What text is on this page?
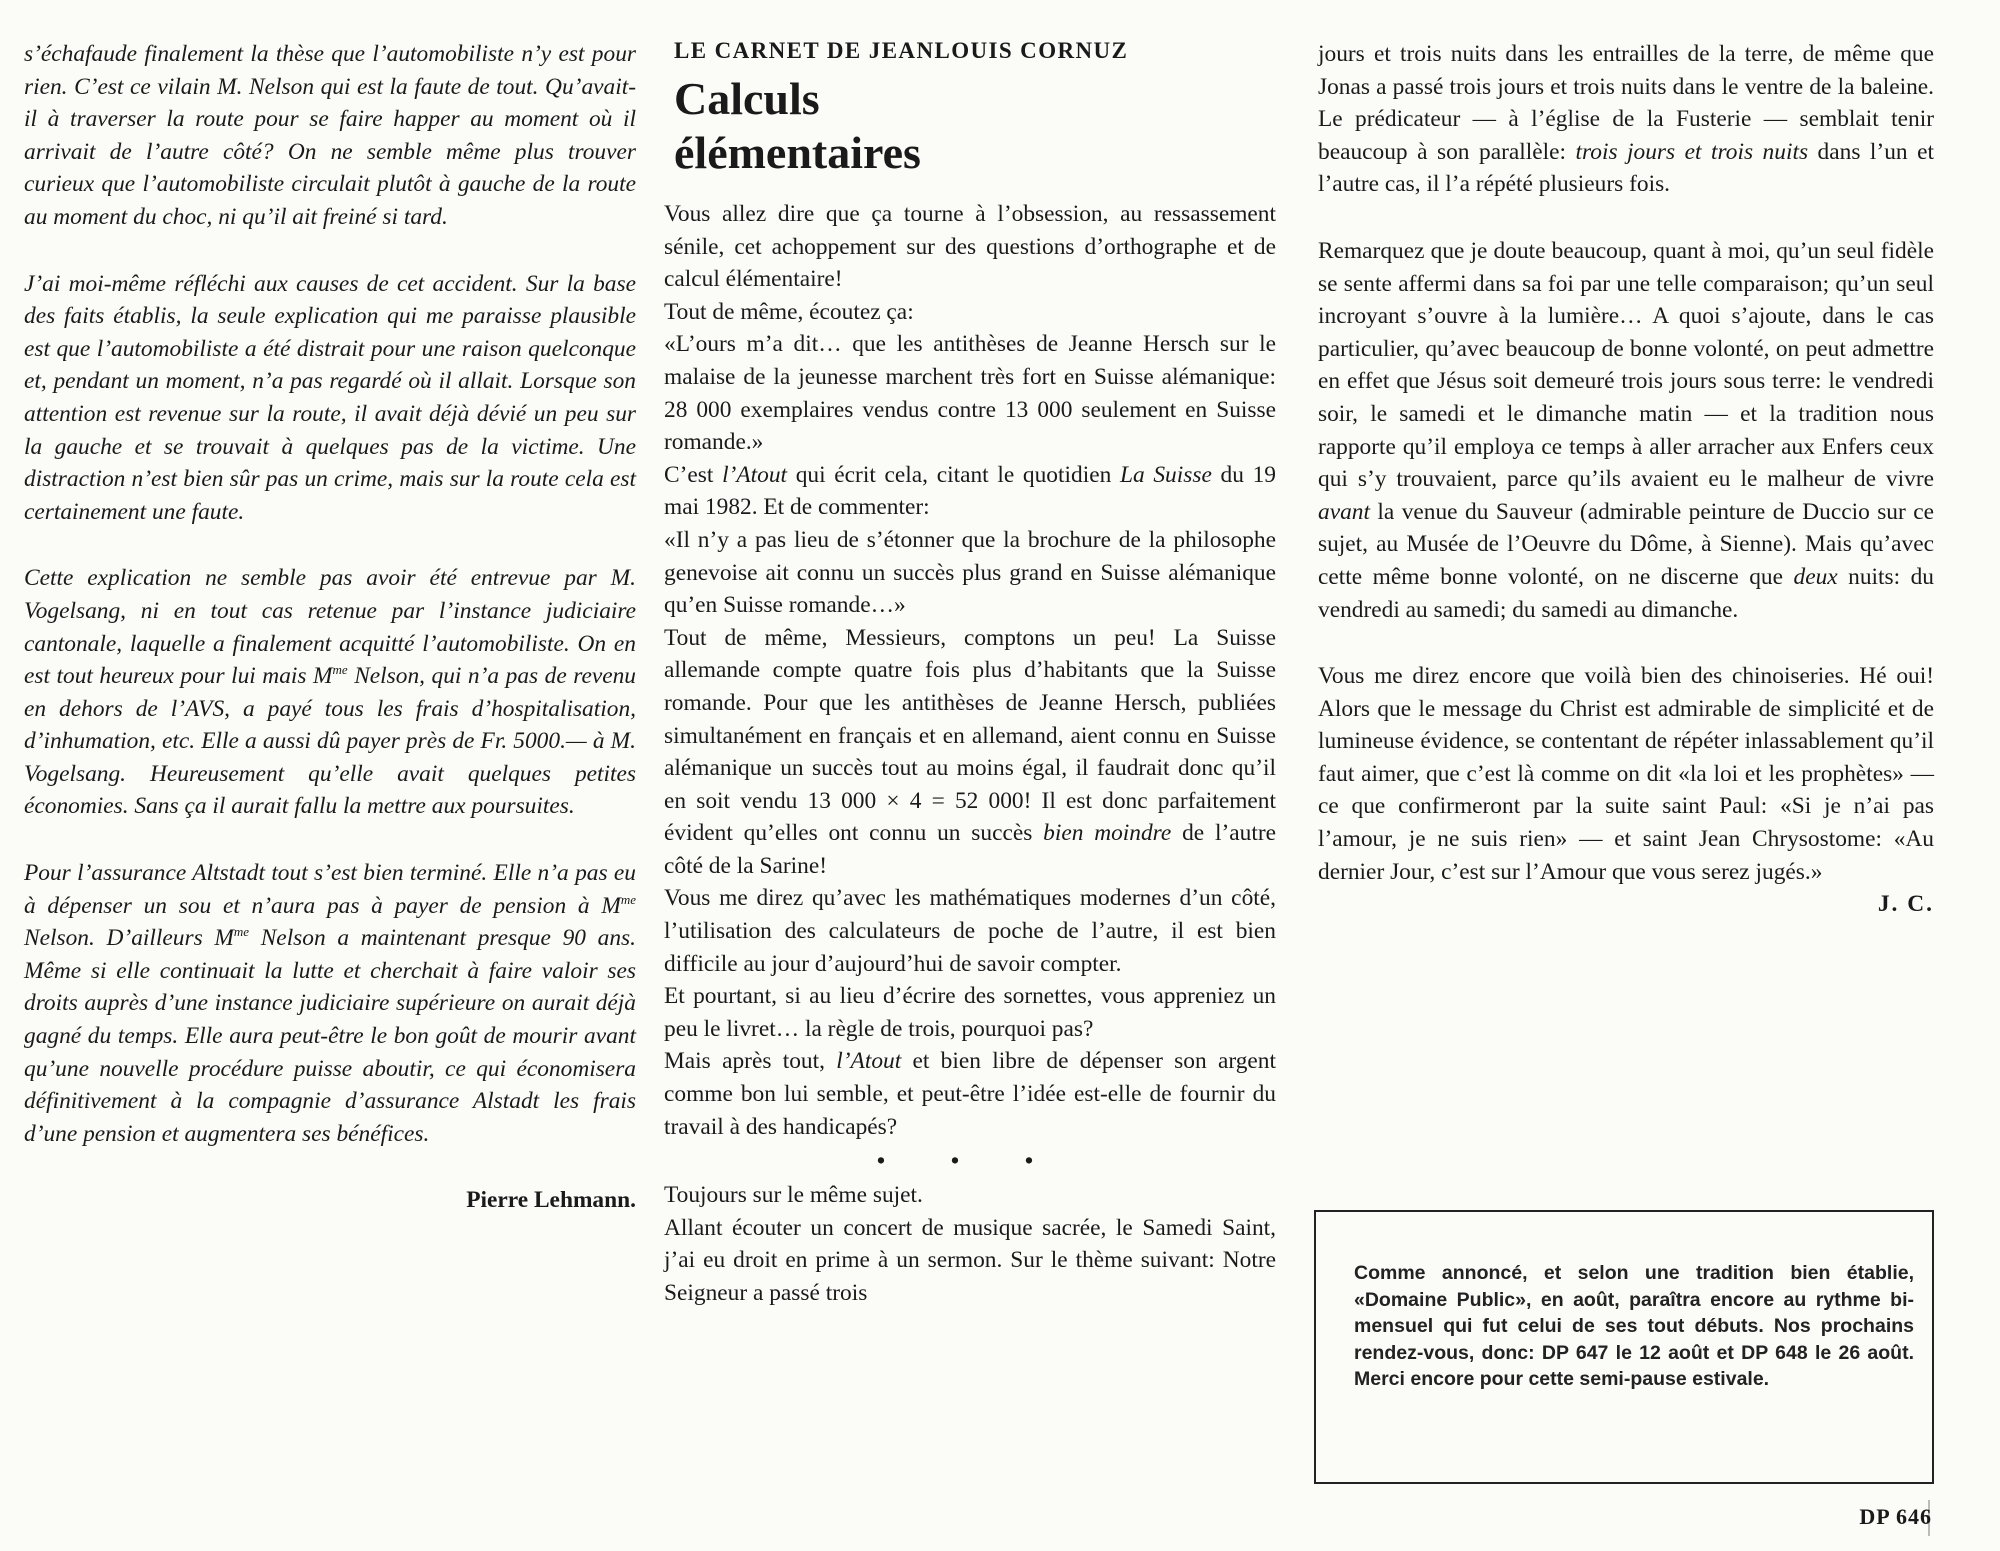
s’échafaude finalement la thèse que l’automobiliste n’y est pour rien. C’est ce vilain M. Nelson qui est la faute de tout. Qu’avait-il à traverser la route pour se faire happer au moment où il arrivait de l’autre côté? On ne semble même plus trouver curieux que l’automobiliste circulait plutôt à gauche de la route au moment du choc, ni qu’il ait freiné si tard.

J’ai moi-même réfléchi aux causes de cet accident. Sur la base des faits établis, la seule explication qui me paraisse plausible est que l’automobiliste a été distrait pour une raison quelconque et, pendant un moment, n’a pas regardé où il allait. Lorsque son attention est revenue sur la route, il avait déjà dévié un peu sur la gauche et se trouvait à quelques pas de la victime. Une distraction n’est bien sûr pas un crime, mais sur la route cela est certainement une faute.

Cette explication ne semble pas avoir été entrevue par M. Vogelsang, ni en tout cas retenue par l’instance judiciaire cantonale, laquelle a finalement acquitté l’automobiliste. On en est tout heureux pour lui mais $M^{me}$ Nelson, qui n’a pas de revenu en dehors de l’AVS, a payé tous les frais d’hospitalisation, d’inhumation, etc. Elle a aussi dû payer près de Fr. 5000.— à M. Vogelsang. Heureusement qu’elle avait quelques petites économies. Sans ça il aurait fallu la mettre aux poursuites.

Pour l’assurance Altstadt tout s’est bien terminé. Elle n’a pas eu à dépenser un sou et n’aura pas à payer de pension à $M^{me}$ Nelson. D’ailleurs $M^{me}$ Nelson a maintenant presque 90 ans. Même si elle continuait la lutte et cherchait à faire valoir ses droits auprès d’une instance judiciaire supérieure on aurait déjà gagné du temps. Elle aura peut-être le bon goût de mourir avant qu’une nouvelle procédure puisse aboutir, ce qui économisera définitivement à la compagnie d’assurance Alstadt les frais d’une pension et augmentera ses bénéfices.

Pierre Lehmann.

LE CARNET DE JEANLOUIS CORNUZ

Calculs
élémentaires

Vous allez dire que ça tourne à l’obsession, au ressassement sénile, cet achoppement sur des questions d’orthographe et de calcul élémentaire!

Tout de même, écoutez ça:

«L’ours m’a dit… que les antithèses de Jeanne Hersch sur le malaise de la jeunesse marchent très fort en Suisse alémanique: 28 000 exemplaires vendus contre 13 000 seulement en Suisse romande.»

C’est l’Atout qui écrit cela, citant le quotidien La Suisse du 19 mai 1982. Et de commenter:

«Il n’y a pas lieu de s’étonner que la brochure de la philosophe genevoise ait connu un succès plus grand en Suisse alémanique qu’en Suisse romande…»

Tout de même, Messieurs, comptons un peu! La Suisse allemande compte quatre fois plus d’habitants que la Suisse romande. Pour que les antithèses de Jeanne Hersch, publiées simultanément en français et en allemand, aient connu en Suisse alémanique un succès tout au moins égal, il faudrait donc qu’il en soit vendu 13 000 × 4 = 52 000! Il est donc parfaitement évident qu’elles ont connu un succès bien moindre de l’autre côté de la Sarine!

Vous me direz qu’avec les mathématiques modernes d’un côté, l’utilisation des calculateurs de poche de l’autre, il est bien difficile au jour d’aujourd’hui de savoir compter.

Et pourtant, si au lieu d’écrire des sornettes, vous appreniez un peu le livret… la règle de trois, pourquoi pas?

Mais après tout, l’Atout et bien libre de dépenser son argent comme bon lui semble, et peut-être l’idée est-elle de fournir du travail à des handicapés?

• • •

Toujours sur le même sujet.

Allant écouter un concert de musique sacrée, le Samedi Saint, j’ai eu droit en prime à un sermon. Sur le thème suivant: Notre Seigneur a passé trois

jours et trois nuits dans les entrailles de la terre, de même que Jonas a passé trois jours et trois nuits dans le ventre de la baleine. Le prédicateur — à l’église de la Fusterie — semblait tenir beaucoup à son parallèle: trois jours et trois nuits dans l’un et l’autre cas, il l’a répété plusieurs fois.

Remarquez que je doute beaucoup, quant à moi, qu’un seul fidèle se sente affermi dans sa foi par une telle comparaison; qu’un seul incroyant s’ouvre à la lumière… A quoi s’ajoute, dans le cas particulier, qu’avec beaucoup de bonne volonté, on peut admettre en effet que Jésus soit demeuré trois jours sous terre: le vendredi soir, le samedi et le dimanche matin — et la tradition nous rapporte qu’il employa ce temps à aller arracher aux Enfers ceux qui s’y trouvaient, parce qu’ils avaient eu le malheur de vivre avant la venue du Sauveur (admirable peinture de Duccio sur ce sujet, au Musée de l’Oeuvre du Dôme, à Sienne). Mais qu’avec cette même bonne volonté, on ne discerne que deux nuits: du vendredi au samedi; du samedi au dimanche.

Vous me direz encore que voilà bien des chinoiseries. Hé oui! Alors que le message du Christ est admirable de simplicité et de lumineuse évidence, se contentant de répéter inlassablement qu’il faut aimer, que c’est là comme on dit «la loi et les prophètes» — ce que confirmeront par la suite saint Paul: «Si je n’ai pas l’amour, je ne suis rien» — et saint Jean Chrysostome: «Au dernier Jour, c’est sur l’Amour que vous serez jugés.»

J. C.

Comme annoncé, et selon une tradition bien établie, «Domaine Public», en août, paraîtra encore au rythme bi-mensuel qui fut celui de ses tout débuts. Nos prochains rendez-vous, donc: DP 647 le 12 août et DP 648 le 26 août. Merci encore pour cette semi-pause estivale.

DP 646
